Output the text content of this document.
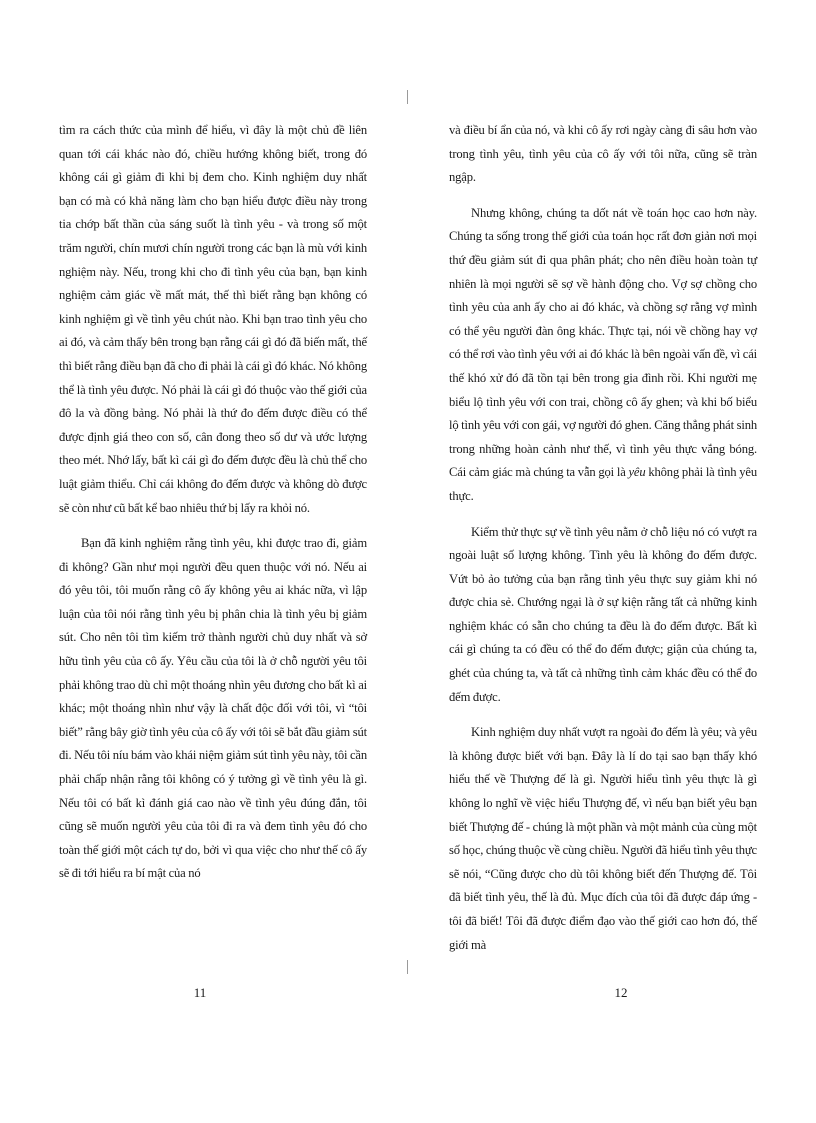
tìm ra cách thức của mình để hiểu, vì đây là một chủ đề liên quan tới cái khác nào đó, chiều hướng không biết, trong đó không cái gì giảm đi khi bị đem cho. Kinh nghiệm duy nhất bạn có mà có khả năng làm cho bạn hiểu được điều này trong tia chớp bất thần của sáng suốt là tình yêu - và trong số một trăm người, chín mươi chín người trong các bạn là mù với kinh nghiệm này. Nếu, trong khi cho đi tình yêu của bạn, bạn kinh nghiệm cảm giác về mất mát, thế thì biết rằng bạn không có kinh nghiệm gì về tình yêu chút nào. Khi bạn trao tình yêu cho ai đó, và cảm thấy bên trong bạn rằng cái gì đó đã biến mất, thế thì biết rằng điều bạn đã cho đi phải là cái gì đó khác. Nó không thể là tình yêu được. Nó phải là cái gì đó thuộc vào thế giới của đô la và đồng bảng. Nó phải là thứ đo đếm được điều có thể được định giá theo con số, cân đong theo số dư và ước lượng theo mét. Nhớ lấy, bất kì cái gì đo đếm được đều là chủ thể cho luật giảm thiểu. Chỉ cái không đo đếm được và không dò được sẽ còn như cũ bất kể bao nhiêu thứ bị lấy ra khỏi nó.

Bạn đã kinh nghiệm rằng tình yêu, khi được trao đi, giảm đi không? Gần như mọi người đều quen thuộc với nó. Nếu ai đó yêu tôi, tôi muốn rằng cô ấy không yêu ai khác nữa, vì lập luận của tôi nói rằng tình yêu bị phân chia là tình yêu bị giảm sút. Cho nên tôi tìm kiếm trở thành người chủ duy nhất và sở hữu tình yêu của cô ấy. Yêu cầu của tôi là ở chỗ người yêu tôi phải không trao dù chỉ một thoáng nhìn yêu đương cho bất kì ai khác; một thoáng nhìn như vậy là chất độc đối với tôi, vì “tôi biết” rằng bây giờ tình yêu của cô ấy với tôi sẽ bắt đầu giảm sút đi. Nếu tôi níu bám vào khái niệm giảm sút tình yêu này, tôi cần phải chấp nhận rằng tôi không có ý tưởng gì về tình yêu là gì. Nếu tôi có bất kì đánh giá cao nào về tình yêu đúng đắn, tôi cũng sẽ muốn người yêu của tôi đi ra và đem tình yêu đó cho toàn thế giới một cách tự do, bởi vì qua việc cho như thế cô ấy sẽ đi tới hiểu ra bí mật của nó

và điều bí ẩn của nó, và khi cô ấy rơi ngày càng đi sâu hơn vào trong tình yêu, tình yêu của cô ấy với tôi nữa, cũng sẽ tràn ngập.

Nhưng không, chúng ta dốt nát về toán học cao hơn này. Chúng ta sống trong thế giới của toán học rất đơn giản nơi mọi thứ đều giảm sút đi qua phân phát; cho nên điều hoàn toàn tự nhiên là mọi người sẽ sợ về hành động cho. Vợ sợ chồng cho tình yêu của anh ấy cho ai đó khác, và chồng sợ rằng vợ mình có thể yêu người đàn ông khác. Thực tại, nói về chồng hay vợ có thể rơi vào tình yêu với ai đó khác là bên ngoài vấn đề, vì cái thế khó xử đó đã tồn tại bên trong gia đình rồi. Khi người mẹ biểu lộ tình yêu với con trai, chồng cô ấy ghen; và khi bố biểu lộ tình yêu với con gái, vợ người đó ghen. Căng thẳng phát sinh trong những hoàn cảnh như thế, vì tình yêu thực vắng bóng. Cái cảm giác mà chúng ta vẫn gọi là yêu không phải là tình yêu thực.

Kiểm thử thực sự về tình yêu nằm ở chỗ liệu nó có vượt ra ngoài luật số lượng không. Tình yêu là không đo đếm được. Vứt bỏ ảo tưởng của bạn rằng tình yêu thực suy giảm khi nó được chia sẻ. Chướng ngại là ở sự kiện rằng tất cả những kinh nghiệm khác có sẵn cho chúng ta đều là đo đếm được. Bất kì cái gì chúng ta có đều có thể đo đếm được; giận của chúng ta, ghét của chúng ta, và tất cả những tình cảm khác đều có thể đo đếm được.

Kinh nghiệm duy nhất vượt ra ngoài đo đếm là yêu; và yêu là không được biết với bạn. Đây là lí do tại sao bạn thấy khó hiểu thế về Thượng đế là gì. Người hiểu tình yêu thực là gì không lo nghĩ về việc hiểu Thượng đế, vì nếu bạn biết yêu bạn biết Thượng đế - chúng là một phần và một mảnh của cùng một số học, chúng thuộc về cùng chiều. Người đã hiểu tình yêu thực sẽ nói, “Cũng được cho dù tôi không biết đến Thượng đế. Tôi đã biết tình yêu, thế là đủ. Mục đích của tôi đã được đáp ứng - tôi đã biết! Tôi đã được điểm đạo vào thế giới cao hơn đó, thế giới mà

11	12
